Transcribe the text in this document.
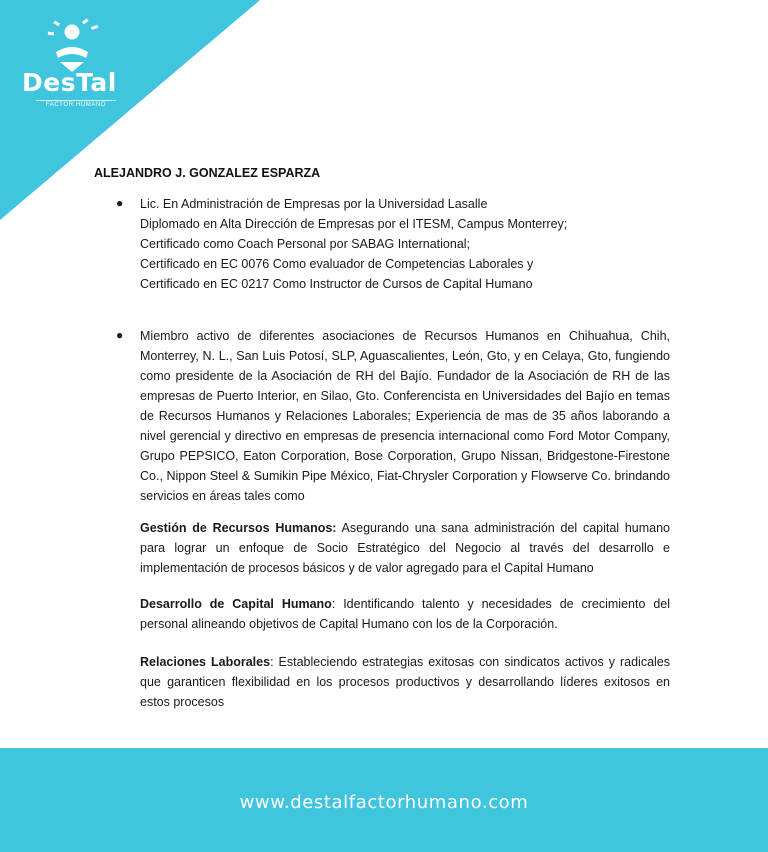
DesTal
FACTOR HUMANO
ALEJANDRO J. GONZALEZ ESPARZA
● Lic. En Administración de Empresas por la Universidad Lasalle

Diplomado en Alta Dirección de Empresas por el ITESM, Campus Monterrey;

Certificado como Coach Personal por SABAG International;

Certificado en EC 0076 Como evaluador de Competencias Laborales y

Certificado en EC 0217 Como Instructor de Cursos de Capital Humano

● Miembro activo de diferentes asociaciones de Recursos Humanos en Chihuahua, Chih, Monterrey, N. L., San Luis Potosí, SLP, Aguascalientes, León, Gto, y en Celaya, Gto, fungiendo como presidente de la Asociación de RH del Bajío. Fundador de la Asociación de RH de las empresas de Puerto Interior, en Silao, Gto. Conferencista en Universidades del Bajío en temas de Recursos Humanos y Relaciones Laborales; Experiencia de mas de 35 años laborando a nivel gerencial y directivo en empresas de presencia internacional como Ford Motor Company, Grupo PEPSICO, Eaton Corporation, Bose Corporation, Grupo Nissan, Bridgestone-Firestone Co., Nippon Steel & Sumikin Pipe México, Fiat-Chrysler Corporation y Flowserve Co. brindando servicios en áreas tales como
Gestión de Recursos Humanos: Asegurando una sana administración del capital humano para lograr un enfoque de Socio Estratégico del Negocio al través del desarrollo e implementación de procesos básicos y de valor agregado para el Capital Humano
Desarrollo de Capital Humano: Identificando talento y necesidades de crecimiento del personal alineando objetivos de Capital Humano con los de la Corporación.
Relaciones Laborales: Estableciendo estrategias exitosas con sindicatos activos y radicales que garanticen flexibilidad en los procesos productivos y desarrollando líderes exitosos en estos procesos
www.destalfactorhumano.com
